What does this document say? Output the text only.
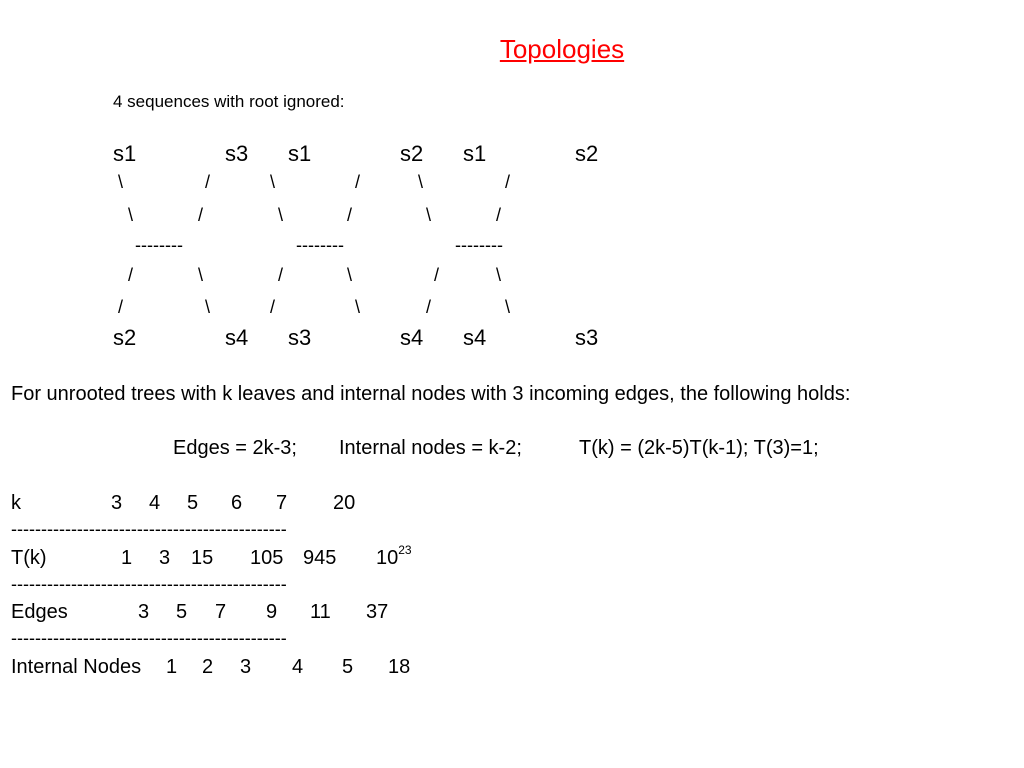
Topologies
4 sequences with root ignored:
s1	s3
\	/
\	/
--------
/	\
/	\
s2	s4
s1	s2
\	/
\	/
--------
/	\
/	\
s3	s4
s1	s2
\	/
\	/
--------
/	\
/	\
s4	s3
For unrooted trees with k leaves and internal nodes with 3 incoming edges, the following holds:
Edges = 2k-3; Internal nodes = k-2;	T(k) = (2k-5)T(k-1); T(3)=1;
k	3 4 5 6 7 20
----------------------------------------------
T(k)	1 3 15 105 945 $10^{23}$
----------------------------------------------
Edges	3 5 7 9 11 37
----------------------------------------------
Internal Nodes 1 2 3 4 5 18
